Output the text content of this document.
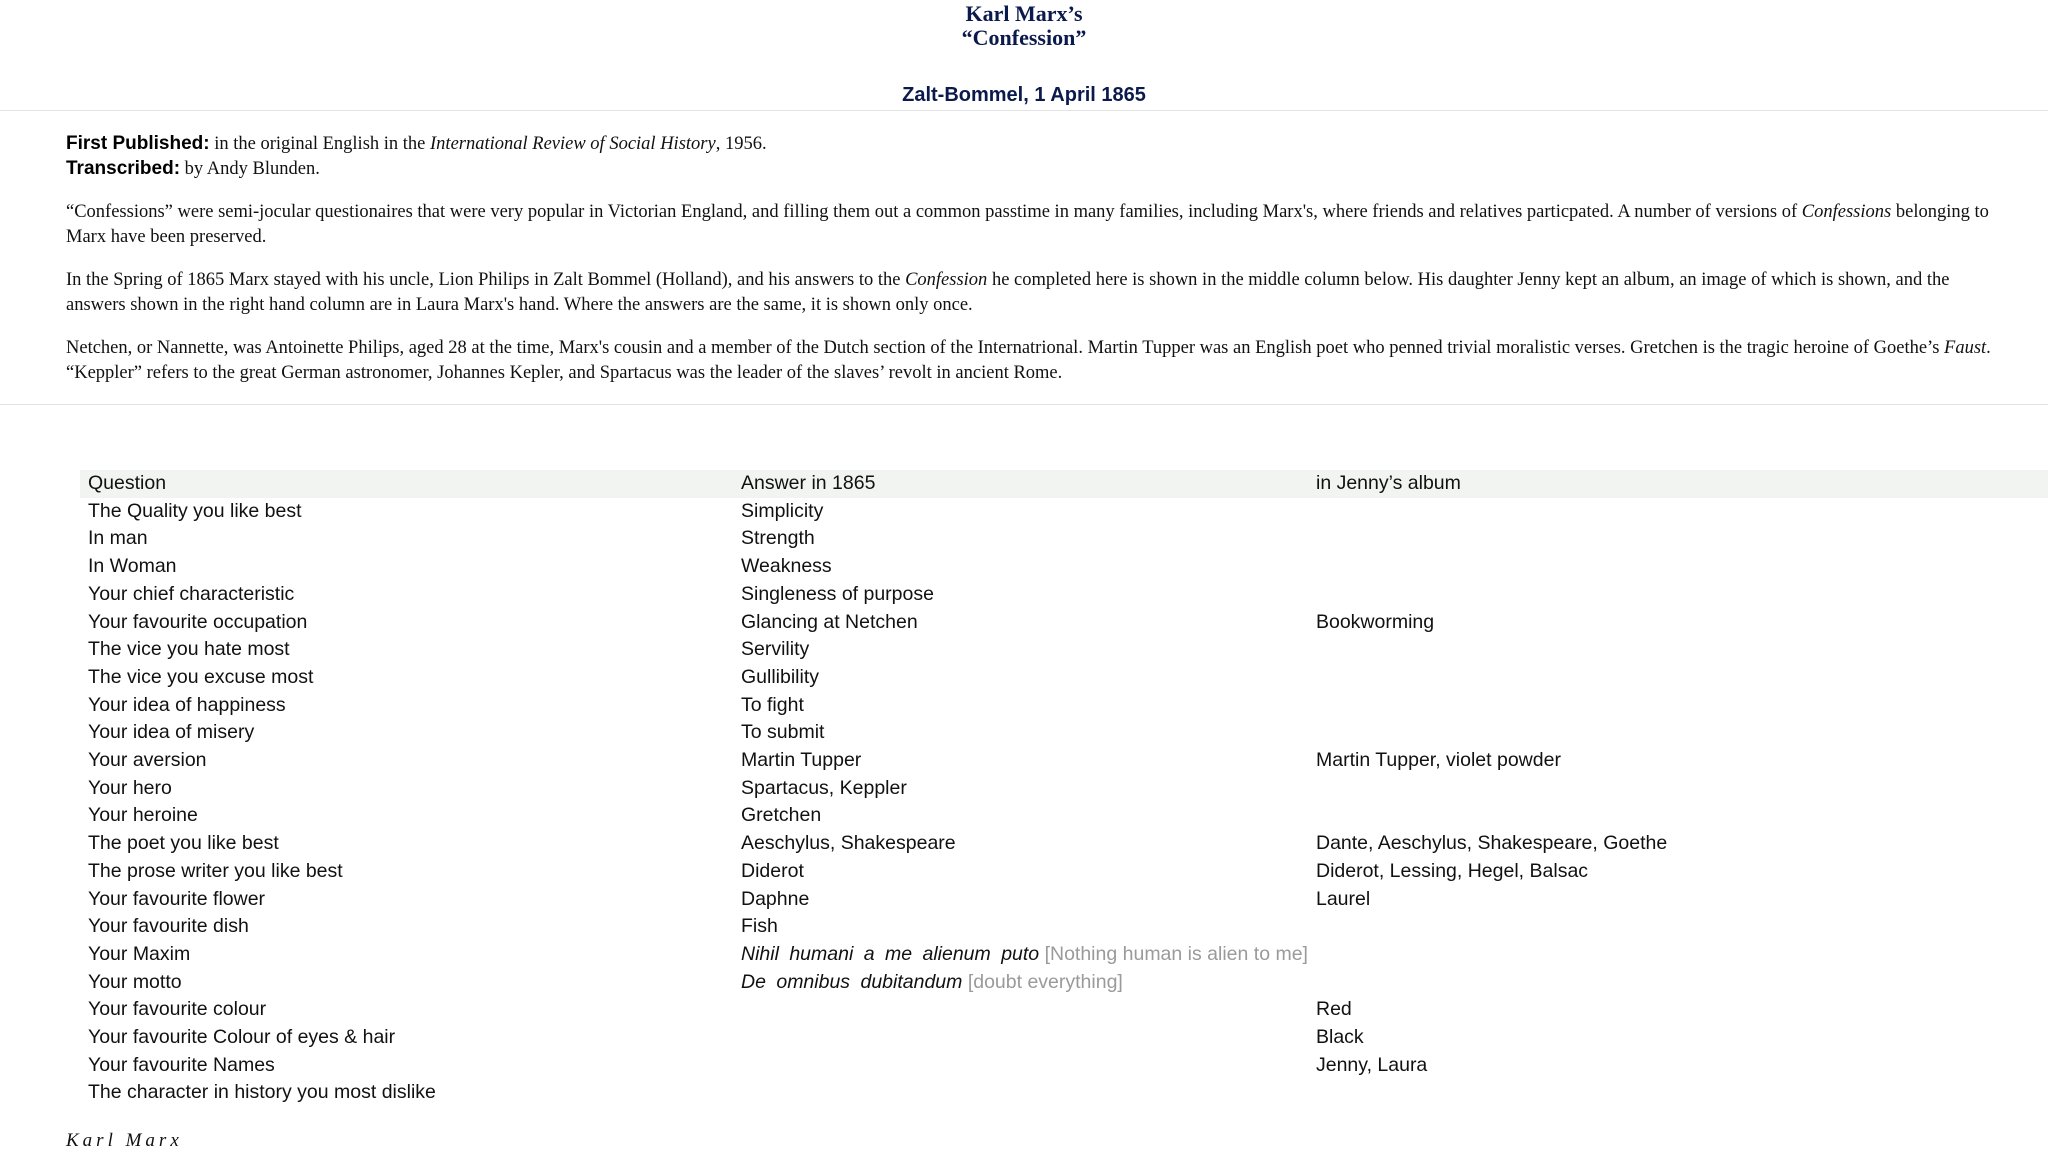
Karl Marx’s
“Confession”
Zalt-Bommel, 1 April 1865
First Published: in the original English in the International Review of Social History, 1956.
Transcribed: by Andy Blunden.

“Confessions” were semi-jocular questionaires that were very popular in Victorian England, and filling them out a common passtime in many families, including Marx's, where friends and relatives particpated. A number of versions of Confessions belonging to Marx have been preserved.

In the Spring of 1865 Marx stayed with his uncle, Lion Philips in Zalt Bommel (Holland), and his answers to the Confession he completed here is shown in the middle column below. His daughter Jenny kept an album, an image of which is shown, and the answers shown in the right hand column are in Laura Marx's hand. Where the answers are the same, it is shown only once.

Netchen, or Nannette, was Antoinette Philips, aged 28 at the time, Marx's cousin and a member of the Dutch section of the Internatrional. Martin Tupper was an English poet who penned trivial moralistic verses. Gretchen is the tragic heroine of Goethe’s Faust. “Keppler” refers to the great German astronomer, Johannes Kepler, and Spartacus was the leader of the slaves’ revolt in ancient Rome.

Question	Answer in 1865	in Jenny’s album
The Quality you like best	Simplicity	
In man	Strength	
In Woman	Weakness	
Your chief characteristic	Singleness of purpose	
Your favourite occupation	Glancing at Netchen	Bookworming
The vice you hate most	Servility	
The vice you excuse most	Gullibility	
Your idea of happiness	To fight	
Your idea of misery	To submit	
Your aversion	Martin Tupper	Martin Tupper, violet powder
Your hero	Spartacus, Keppler	
Your heroine	Gretchen	
The poet you like best	Aeschylus, Shakespeare	Dante, Aeschylus, Shakespeare, Goethe
The prose writer you like best	Diderot	Diderot, Lessing, Hegel, Balsac
Your favourite flower	Daphne	Laurel
Your favourite dish	Fish	
Your Maxim	Nihil humani a me alienum puto [Nothing human is alien to me]	
Your motto	De omnibus dubitandum [doubt everything]	
Your favourite colour		Red
Your favourite Colour of eyes & hair		Black
Your favourite Names		Jenny, Laura
The character in history you most dislike		
Karl Marx
